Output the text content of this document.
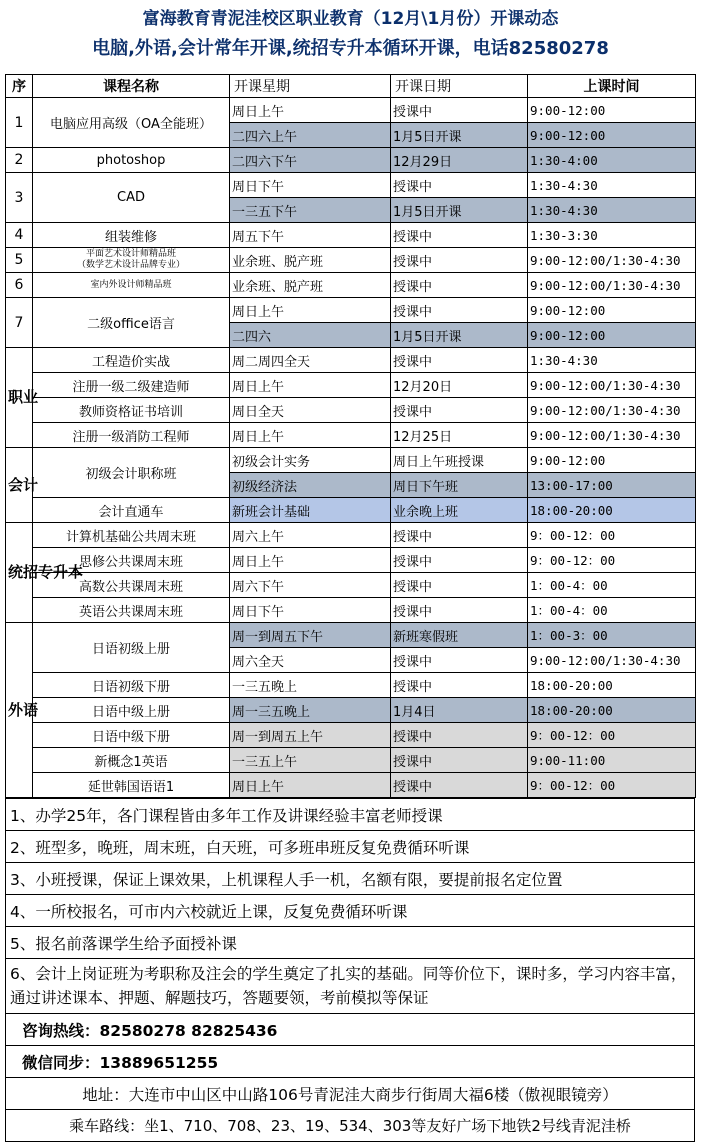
富海教育青泥洼校区职业教育（12月\1月份）开课动态
电脑,外语,会计常年开课,统招专升本循环开课，电话82580278
序	课程名称	开课星期	开课日期	上课时间
1	电脑应用高级（OA全能班）	周日上午	授课中	9:00-12:00
		二四六上午	1月5日开课	9:00-12:00
2	photoshop	二四六下午	12月29日	1:30-4:00
3	CAD	周日下午	授课中	1:30-4:30
		一三五下午	1月5日开课	1:30-4:30
4	组装维修	周五下午	授课中	1:30-3:30
5	平面艺术设计师精品班
（数学艺术设计品牌专业）	业余班、脱产班	授课中	9:00-12:00/1:30-4:30
6	室内外设计师精品班	业余班、脱产班	授课中	9:00-12:00/1:30-4:30
7	二级office语言	周日上午	授课中	9:00-12:00
		二四六	1月5日开课	9:00-12:00
职业	工程造价实战	周二周四全天	授课中	1:30-4:30
	注册一级二级建造师	周日上午	12月20日	9:00-12:00/1:30-4:30
	教师资格证书培训	周日全天	授课中	9:00-12:00/1:30-4:30
	注册一级消防工程师	周日上午	12月25日	9:00-12:00/1:30-4:30
会计	初级会计职称班	初级会计实务	周日上午班授课	9:00-12:00
		初级经济法	周日下午班	13:00-17:00
	会计直通车	新班会计基础	业余晚上班	18:00-20:00
统招专升本	计算机基础公共周末班	周六上午	授课中	9：00-12：00
	思修公共课周末班	周日上午	授课中	9：00-12：00
	高数公共课周末班	周六下午	授课中	1：00-4：00
	英语公共课周末班	周日下午	授课中	1：00-4：00
外语	日语初级上册	周一到周五下午	新班寒假班	1：00-3：00
		周六全天	授课中	9:00-12:00/1:30-4:30
	日语初级下册	一三五晚上	授课中	18:00-20:00
	日语中级上册	周一三五晚上	1月4日	18:00-20:00
	日语中级下册	周一到周五上午	授课中	9：00-12：00
	新概念1英语	一三五上午	授课中	9:00-11:00
	延世韩国语语1	周日上午	授课中	9：00-12：00
1、办学25年，各门课程皆由多年工作及讲课经验丰富老师授课
2、班型多，晚班，周末班，白天班，可多班串班反复免费循环听课
3、小班授课，保证上课效果，上机课程人手一机，名额有限，要提前报名定位置
4、一所校报名，可市内六校就近上课，反复免费循环听课
5、报名前落课学生给予面授补课
6、会计上岗证班为考职称及注会的学生奠定了扎实的基础。同等价位下，课时多，学习内容丰富，通过讲述课本、押题、解题技巧，答题要领，考前模拟等保证
咨询热线：82580278 82825436
微信同步：13889651255
地址：大连市中山区中山路106号青泥洼大商步行街周大福6楼（傲视眼镜旁）
乘车路线：坐1、710、708、23、19、534、303等友好广场下地铁2号线青泥洼桥
